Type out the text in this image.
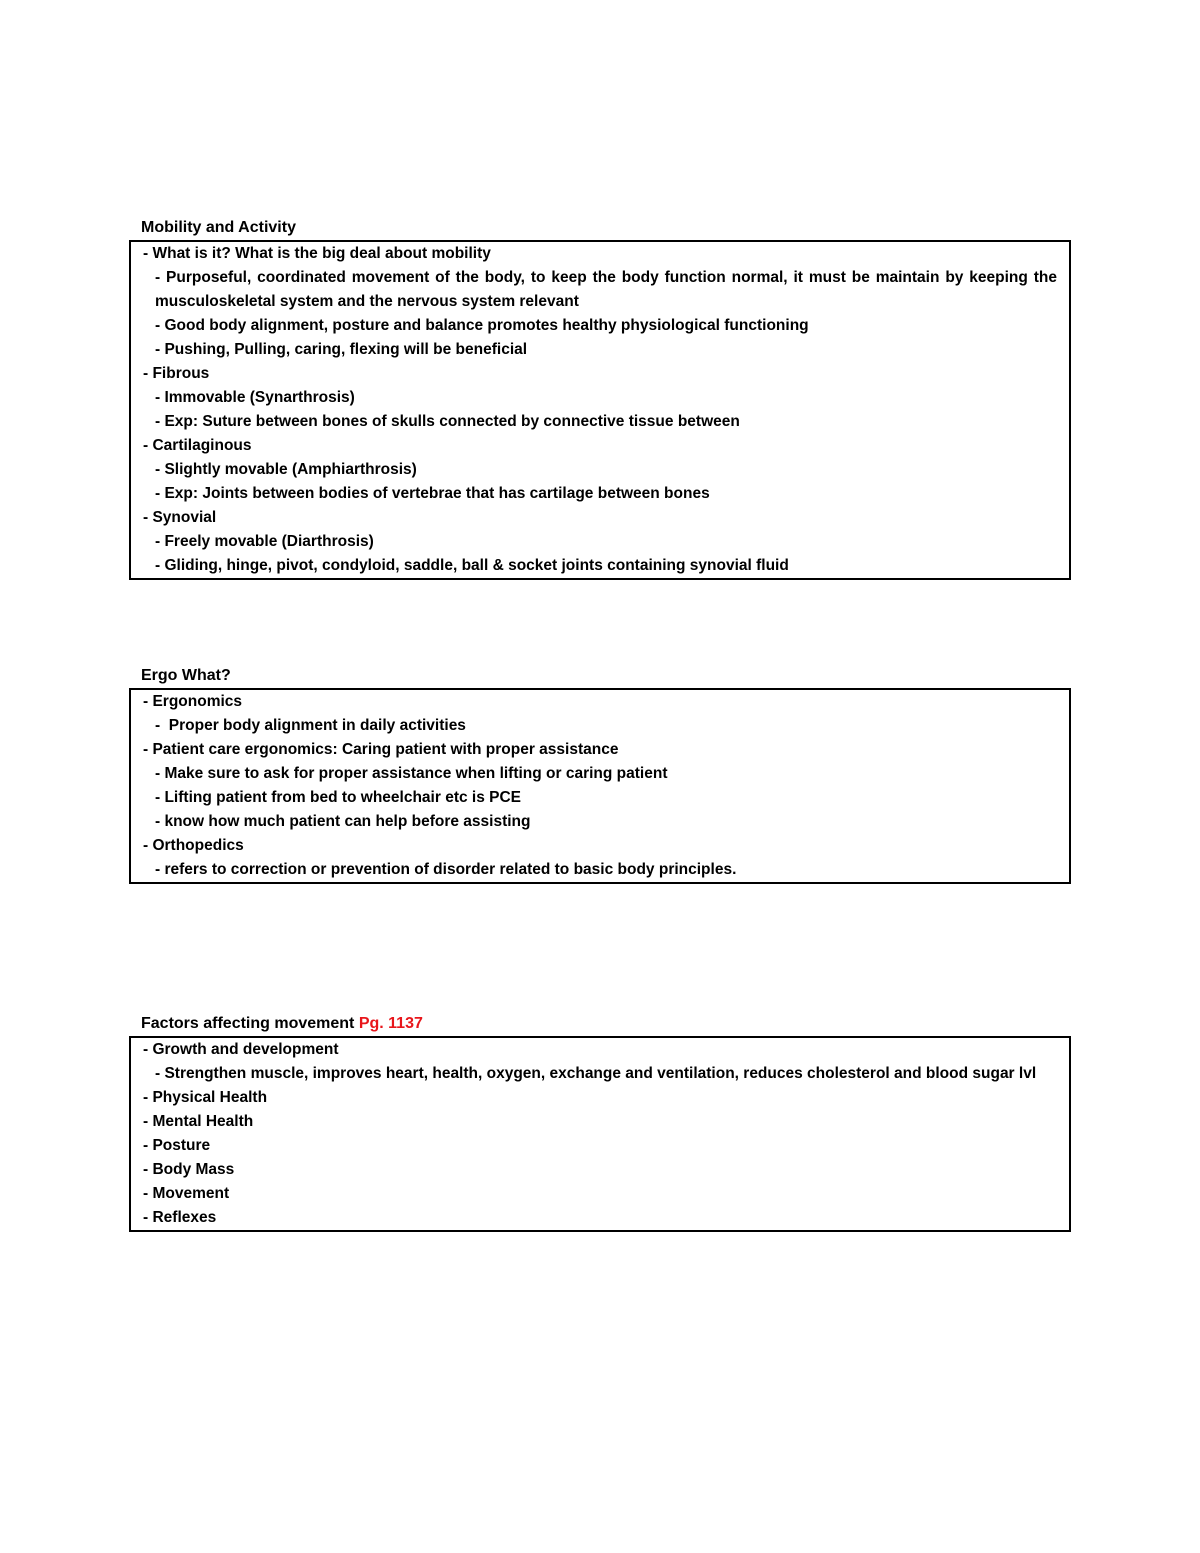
Mobility and Activity
- What is it? What is the big deal about mobility
- Purposeful, coordinated movement of the body, to keep the body function normal, it must be maintain by keeping the musculoskeletal system and the nervous system relevant
- Good body alignment, posture and balance promotes healthy physiological functioning
- Pushing, Pulling, caring, flexing will be beneficial
- Fibrous
- Immovable (Synarthrosis)
- Exp: Suture between bones of skulls connected by connective tissue between
- Cartilaginous
- Slightly movable (Amphiarthrosis)
- Exp: Joints between bodies of vertebrae that has cartilage between bones
- Synovial
- Freely movable (Diarthrosis)
- Gliding, hinge, pivot, condyloid, saddle, ball & socket joints containing synovial fluid
Ergo What?
- Ergonomics
-  Proper body alignment in daily activities
- Patient care ergonomics: Caring patient with proper assistance
- Make sure to ask for proper assistance when lifting or caring patient
- Lifting patient from bed to wheelchair etc is PCE
- know how much patient can help before assisting
- Orthopedics
- refers to correction or prevention of disorder related to basic body principles.
Factors affecting movement Pg. 1137
- Growth and development
- Strengthen muscle, improves heart, health, oxygen, exchange and ventilation, reduces cholesterol and blood sugar lvl
- Physical Health
- Mental Health
- Posture
- Body Mass
- Movement
- Reflexes
